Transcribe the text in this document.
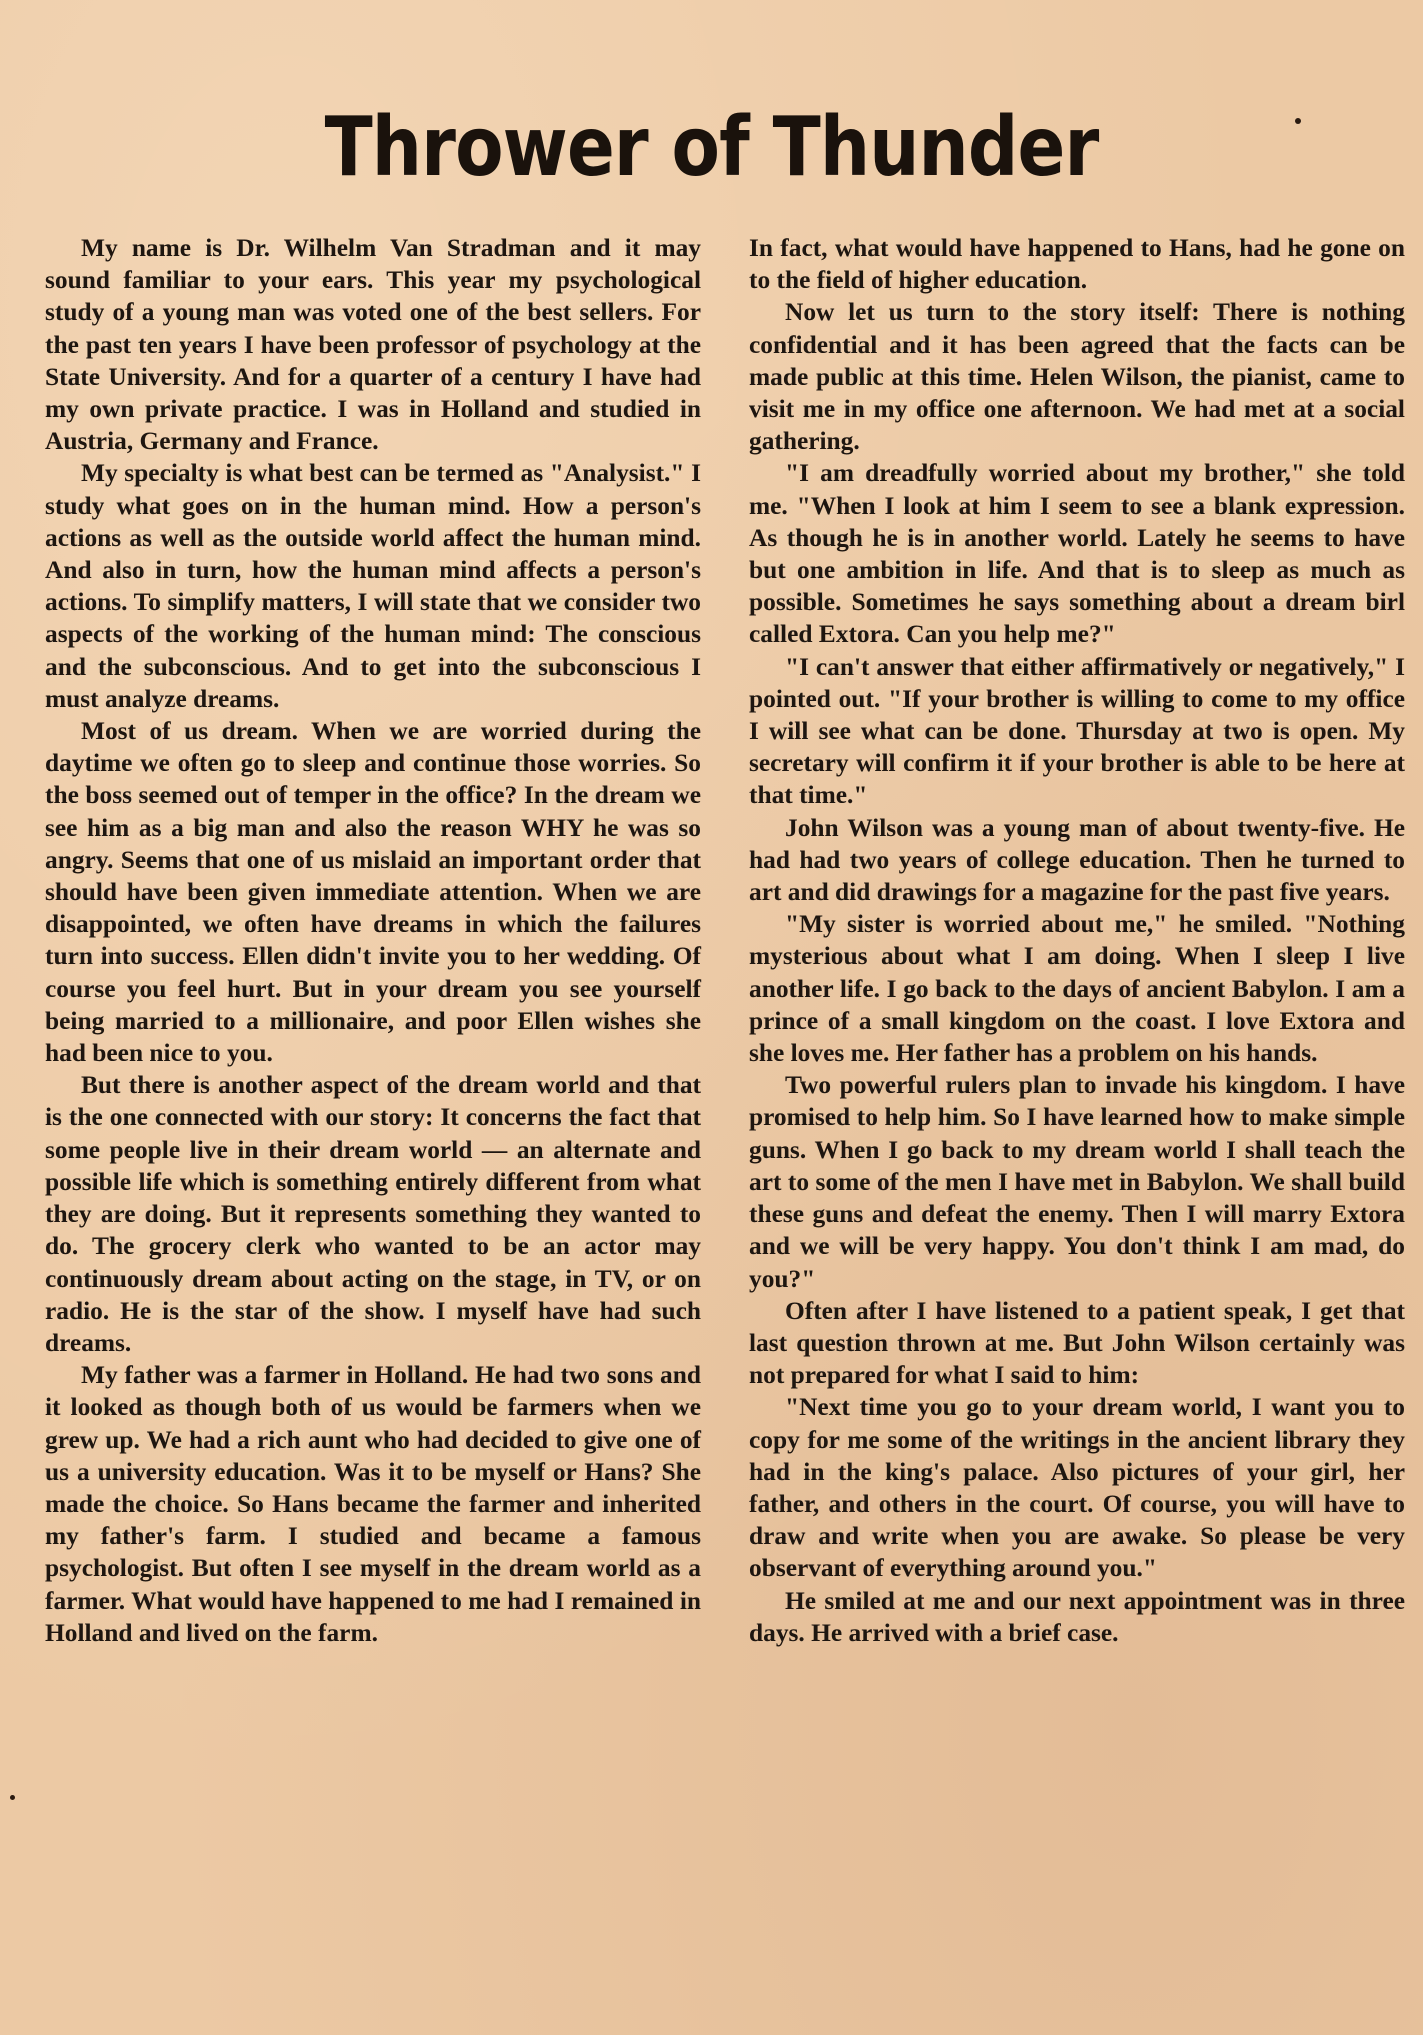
Thrower of Thunder

My name is Dr. Wilhelm Van Stradman and it may sound familiar to your ears. This year my psychological study of a young man was voted one of the best sellers. For the past ten years I have been professor of psychology at the State University. And for a quarter of a century I have had my own private practice. I was in Holland and studied in Austria, Germany and France.

My specialty is what best can be termed as "Analysist." I study what goes on in the human mind. How a person's actions as well as the outside world affect the human mind. And also in turn, how the human mind affects a person's actions. To simplify matters, I will state that we consider two aspects of the working of the human mind: The conscious and the subconscious. And to get into the subconscious I must analyze dreams.

Most of us dream. When we are worried during the daytime we often go to sleep and continue those worries. So the boss seemed out of temper in the office? In the dream we see him as a big man and also the reason WHY he was so angry. Seems that one of us mislaid an important order that should have been given immediate attention. When we are disappointed, we often have dreams in which the failures turn into success. Ellen didn't invite you to her wedding. Of course you feel hurt. But in your dream you see yourself being married to a millionaire, and poor Ellen wishes she had been nice to you.

But there is another aspect of the dream world and that is the one connected with our story: It concerns the fact that some people live in their dream world — an alternate and possible life which is something entirely different from what they are doing. But it represents something they wanted to do. The grocery clerk who wanted to be an actor may continuously dream about acting on the stage, in TV, or on radio. He is the star of the show. I myself have had such dreams.

My father was a farmer in Holland. He had two sons and it looked as though both of us would be farmers when we grew up. We had a rich aunt who had decided to give one of us a university education. Was it to be myself or Hans? She made the choice. So Hans became the farmer and inherited my father's farm. I studied and became a famous psychologist. But often I see myself in the dream world as a farmer. What would have happened to me had I remained in Holland and lived on the farm.

In fact, what would have happened to Hans, had he gone on to the field of higher education.

Now let us turn to the story itself: There is nothing confidential and it has been agreed that the facts can be made public at this time. Helen Wilson, the pianist, came to visit me in my office one afternoon. We had met at a social gathering.

"I am dreadfully worried about my brother," she told me. "When I look at him I seem to see a blank expression. As though he is in another world. Lately he seems to have but one ambition in life. And that is to sleep as much as possible. Sometimes he says something about a dream birl called Extora. Can you help me?"

"I can't answer that either affirmatively or negatively," I pointed out. "If your brother is willing to come to my office I will see what can be done. Thursday at two is open. My secretary will confirm it if your brother is able to be here at that time."

John Wilson was a young man of about twenty-five. He had had two years of college education. Then he turned to art and did drawings for a magazine for the past five years.

"My sister is worried about me," he smiled. "Nothing mysterious about what I am doing. When I sleep I live another life. I go back to the days of ancient Babylon. I am a prince of a small kingdom on the coast. I love Extora and she loves me. Her father has a problem on his hands.

Two powerful rulers plan to invade his kingdom. I have promised to help him. So I have learned how to make simple guns. When I go back to my dream world I shall teach the art to some of the men I have met in Babylon. We shall build these guns and defeat the enemy. Then I will marry Extora and we will be very happy. You don't think I am mad, do you?"

Often after I have listened to a patient speak, I get that last question thrown at me. But John Wilson certainly was not prepared for what I said to him:

"Next time you go to your dream world, I want you to copy for me some of the writings in the ancient library they had in the king's palace. Also pictures of your girl, her father, and others in the court. Of course, you will have to draw and write when you are awake. So please be very observant of everything around you."

He smiled at me and our next appointment was in three days. He arrived with a brief case.
